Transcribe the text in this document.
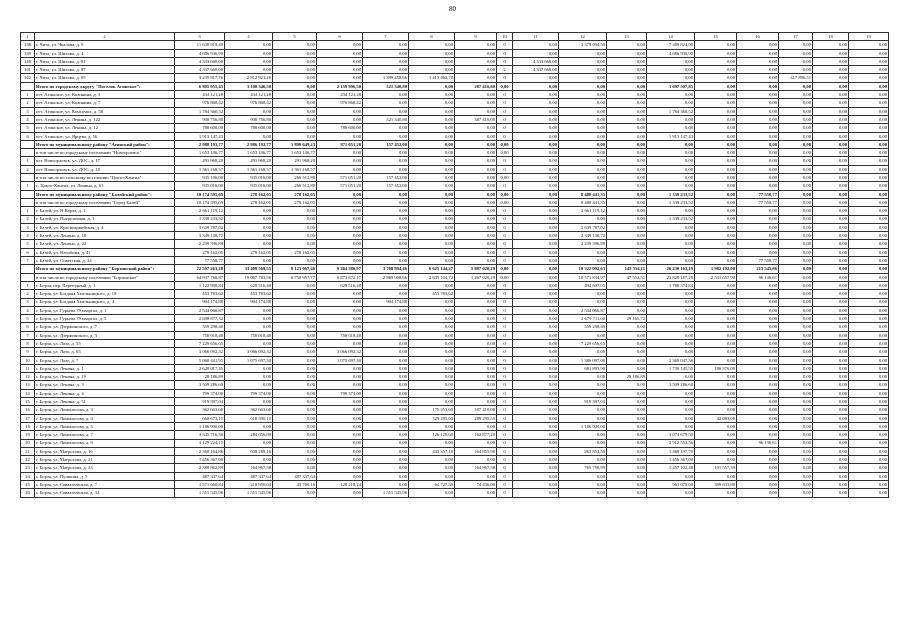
80
1	2	3	4	5	6	7	8	9	10	11	12	13	14	15	16	17	18	19
138	г. Чита, ул. Чкалова, д. 9	11 638 919,40	0,00	0,00	0,00	0,00	0,00	0,00	0	0,00	3 379 094,50	0,00	7 489 824,90	0,00	0,00	0,00	0,00	0,00
139	г. Чита, ул. Шилова, д. 4	4 686 936,90	0,00	0,00	0,00	0,00	0,00	0,00	0	0,00	0,00	0,00	4 686 936,90	0,00	0,00	0,00	0,00	0,00
140	г. Чита, ул. Шилова, д. 81	4 333 660,00	0,00	0,00	0,00	0,00	0,00	0,00	0	4 333 660,00	0,00	0,00	0,00	0,00	0,00	0,00	0,00	0,00
141	г. Чита, ул. Шилова, д. 87	4 337 660,00	0,00	0,00	0,00	0,00	0,00	0,00	2	4 337 660,00	0,00	0,00	0,00	0,00	0,00	0,00	0,00	0,00
142	г. Чита, ул. Шилова, д. 95	3 235 817,76	2 812 921,26	0,00	0,00	1 399 458,66	1 413 462,70	0,00	0	0,00	0,00	0,00	0,00	0,00	0,00	417 896,51	0,00	0,00
	Итого по городскому округу "Поселок Агинское":	6 805 955,45	3 108 346,50	0,00	2 159 996,50	521 340,80	0,00	287 416,60	0,00	0,00	0,00	0,00	3 697 507,85	0,00	0,00	0,00	0,00	0,00
1	пгт. Агинское, ул. Калинина, д. 3	434 121,28	434 121,28	0,00	434 121,28	0,00	0,00	0,00	0	0,00	0,00	0,00	0,00	0,00	0,00	0,00	0,00	0,00
2	пгт. Агинское, ул. Калинина, д. 7	976 868,42	976 868,42	0,00	976 868,42	0,00	0,00	0,00	0	0,00	0,00	0,00	0,00	0,00	0,00	0,00	0,00	0,00
3	пгт. Агинское, ул. Комсомол, д. 58	1 784 360,52	0,00	0,00	0,00	0,00	0,00	0,00	0	0,00	0,00	0,00	1 784 360,52	0,00	0,00	0,00	0,00	0,00
4	пгт. Агинское, ул. Ленина, д. 122	908 756,80	908 756,80	0,00	0,00	521 340,80	0,00	387 416,00	0	0,00	0,00	0,00	0,00	0,00	0,00	0,00	0,00	0,00
5	пгт. Агинское, ул. Ленина, д. 12	788 600,00	788 600,00	0,00	788 600,00	0,00	0,00	0,00	0	0,00	0,00	0,00	0,00	0,00	0,00	0,00	0,00	0,00
6	пгт. Агинское, ул. Ярцева, д. 56	1 913 147,43	0,00	0,00	0,00	0,00	0,00	0,00	0	0,00	0,00	0,00	1 913 147,43	0,00	0,00	0,00	0,00	0,00
	Итого по муниципальному району "Агинский район":	2 988 193,77	2 986 192,77	1 899 649,23	971 051,20	157 452,00	0,00	0,00	0,00	0,00	0,00	0,00	0,00	0,00	0,00	0,00	0,00	0,00
	в том числе по городскому поселению "Новоорловск"	1 653 136,77	1 653 136,77	1 653 136,77	0,00	0,00	0,00	0,00	0,00	0,00	0,00	0,00	0,00	0,00	0,00	0,00	0,00	0,00
1	пгт. Новоорловск, ул. ДОС, д. 17	291 968,20	291 968,20	291 968,20	0,00	0,00	0,00	0,00	0	0,00	0,00	0,00	0,00	0,00	0,00	0,00	0,00	0,00
2	пгт. Новоорловск, ул. ДОС, д. 18	1 361 168,57	1 361 168,57	1 361 168,57	0,00	0,00	0,00	0,00	0	0,00	0,00	0,00	0,00	0,00	0,00	0,00	0,00	0,00
	в том числе по сельскому поселению "Цокто-Хангил"	935 106,00	935 016,00	266 512,80	571 051,20	157 452,00	0,00	0,00	0,00	0,00	0,00	0,00	0,00	0,00	0,00	0,00	0,00	0,00
1	с. Цокто-Хангил, ул. Ленина, д. 61	935 016,00	935 016,00	266 512,80	571 051,20	157 452,00	0,00	0,00	0	0,00	0,00	0,00	0,00	0,00	0,00	0,00	0,00	0,00
	Итого по муниципальному району "Балейский район":	10 174 595,69	278 162,05	278 162,05	0,00	0,00	0,00	0,00	0,00	0,00	8 480 441,35	0,00	1 338 233,52	0,00	77 558,77	0,00	0,00	0,00
	в том числе по городскому поселению "Город Балей"	10 174 595,69	278 162,05	278 162,05	0,00	0,00	0,00	0,00	0,00	0,00	8 480 441,35	0,00	1 338 233,52	0,00	77 558,77	0,00	0,00	0,00
1	г. Балей, ул. Н.Карла, д. 1	2 661 119,12	0,00	0,00	0,00	0,00	0,00	0,00	0	0,00	2 661 119,12	0,00	0,00	0,00	0,00	0,00	0,00	0,00
2	г. Балей, ул. Погрузочная, д. 1	1 338 233,52	0,00	0,00	0,00	0,00	0,00	0,00	0	0,00	0,00	0,00	1 338 233,52	0,00	0,00	0,00	0,00	0,00
3	г. Балей, ул. Красноармейская, д. 4	3 639 787,02	0,00	0,00	0,00	0,00	0,00	0,00	0	0,00	3 639 787,02	0,00	0,00	0,00	0,00	0,00	0,00	0,00
4	г. Балей, ул. Ленина, д. 18	3 349 138,72	0,00	0,00	0,00	0,00	0,00	0,00	0	0,00	2 349 138,72	0,00	0,00	0,00	0,00	0,00	0,00	0,00
5	г. Балей, ул. Ленина, д. 22	2 239 396,89	0,00	0,00	0,00	0,00	0,00	0,00	0	0,00	2 239 396,89	0,00	0,00	0,00	0,00	0,00	0,00	0,00
6	г. Балей, ул. Нагибина, д. 41	278 162,05	278 162,05	278 162,05	0,00	0,00	0,00	0,00	0	0,00	0,00	0,00	0,00	0,00	0,00	0,00	0,00	0,00
7	г. Балей, ул. Советская, д. 34	77 558,77	0,00	0,00	0,00	0,00	0,00	0,00	0	0,00	0,00	0,00	0,00	0,00	77 558,77	0,00	0,00	0,00
	Итого по муниципальному району "Борзинский район":	72 597 263,28	33 409 569,55	8 123 067,46	9 264 386,97	3 708 994,46	6 625 144,27	5 887 020,29	0,00	0,00	10 322 092,63	145 554,11	26 230 163,19	1 982 192,90	215 545,86	0,00	0,00	0,00
	в том числе по городскому поселению "Борзинское"	64 937 768,87	19 067 783,56	6 750 957,77	6 873 672,17	2 869 908,66	2 635 104,72	1 267 020,29	0,00	0,00	10 571 834,97	47 552,51	23 828 187,29	2 531 657,90	96 136,61	0,00	0,00	0,00
1	г. Борзя, пер. Переездный, д. 1	1 122 998,84	629 516,40	0,00	629 516,40	0,00	0,00	0,00	0	0,00	494 607,95	0,00	1 788 374,84	0,00	0,00	0,00	0,00	0,00
2	г. Борзя, ул. Богдана Хмельницкого, д. 18	453 783,62	453 783,62	0,00	0,00	0,00	453 783,62	0,00	0	0,00	0,00	0,00	0,00	0,00	0,00	0,00	0,00	0,00
3	г. Борзя, ул. Богдана Хмельницкого, д. 4	904 174,88	904 174,88	0,00	0,00	904 174,88	0,00	0,00	0	0,00	0,00	0,00	0,00	0,00	0,00	0,00	0,00	0,00
4	г. Борзя, ул. Гурьева 79 квартал, д. 1	2 544 066,87	0,00	0,00	0,00	0,00	0,00	0,00	0	0,00	2 544 066,87	0,00	0,00	0,00	0,00	0,00	0,00	0,00
5	г. Борзя, ул. Гурьева 79 квартал, д. 5	2 698 877,32	0,00	0,00	0,00	0,00	0,00	0,00	0	0,00	2 679 711,60	29 165,72	0,00	0,00	0,00	0,00	0,00	0,00
6	г. Борзя, ул. Дзержинского, д. 7	559 298,40	0,00	0,00	0,00	0,00	0,00	0,00	0	0,00	559 298,40	0,00	0,00	0,00	0,00	0,00	0,00	0,00
7	г. Борзя, ул. Дзержинского, д. 3	758 018,40	758 018,40	0,00	758 018,40	0,00	0,00	0,00	0	0,00	0,00	0,00	0,00	0,00	0,00	0,00	0,00	0,00
8	г. Борзя, ул. Лазо, д. 55	7 229 656,65	0,00	0,00	0,00	0,00	0,00	0,00	0	0,00	7 229 656,65	0,00	0,00	0,00	0,00	0,00	0,00	0,00
9	г. Борзя, ул. Лазо, д. 63	3 066 092,32	3 066 092,32	0,00	3 066 092,32	0,00	0,00	0,00	0	0,00	0,00	0,00	0,00	0,00	0,00	0,00	0,00	0,00
10	г. Борзя, ул. Лазо, д. 7	5 068 441,95	1 075 697,30	0,00	1 075 697,30	0,00	0,00	0,00	0	0,00	1 386 097,00	0,00	2 360 047,36	0,00	0,00	0,00	0,00	0,00
11	г. Борзя, ул. Ленина, д. 1	2 628 017,45	0,00	0,00	0,00	0,00	0,00	0,00	0	0,00	681 895,90	0,00	1 739 145,55	186 376,00	0,00	0,00	0,00	0,00
12	г. Борзя, ул. Ленина, д. 19	28 186,89	0,00	0,00	0,00	0,00	0,00	0,00	0	0,00	0,00	28 186,89	0,00	0,00	0,00	0,00	0,00	0,00
13	г. Борзя, ул. Ленина, д. 3	3 509 286,60	0,00	0,00	0,00	0,00	0,00	0,00	0	0,00	0,00	0,00	3 509 286,60	0,00	0,00	0,00	0,00	0,00
14	г. Борзя, ул. Ленина, д. 4	799 374,00	799 374,00	0,00	799 374,00	0,00	0,00	0,00	0	0,00	0,00	0,00	0,00	0,00	0,00	0,00	0,00	0,00
15	г. Борзя, ул. Ленина, д. 51	919 397,04	0,00	0,00	0,00	0,00	0,00	0,00	0	0,00	919 397,04	0,00	0,00	0,00	0,00	0,00	0,00	0,00
16	г. Борзя, ул. Ломоносова, д. 3	362 663,60	362 663,60	0,00	0,00	0,00	175 253,60	187 410,00	0	0,00	0,00	0,00	0,00	0,00	0,00	0,00	0,00	0,00
17	г. Борзя, ул. Ломоносова, д. 4	660 673,15	618 590,15	0,00	0,00	0,00	329 295,60	289 295,55	0	0,00	0,00	0,00	0,00	42 083,00	0,00	0,00	0,00	0,00
18	г. Борзя, ул. Ломоносова, д. 5	1 186 900,00	0,00	0,00	0,00	0,00	0,00	0,00	0	0,00	1 186 900,00	0,00	0,00	0,00	0,00	0,00	0,00	0,00
19	г. Борзя, ул. Ломоносова, д. 7	3 345 716,36	284 056,80	0,00	0,00	0,00	126 129,60	162 877,20	0	0,00	0,00	0,00	3 074 679,50	0,00	0,00	0,00	0,00	0,00
20	г. Борзя, ул. Ломоносова, д. 9	3 129 224,15	0,00	0,00	0,00	0,00	0,00	0,00	0	0,00	0,00	0,00	2 912 552,56	0,00	96 136,61	0,00	0,00	0,00
21	г. Борзя, ул. Матросова, д. 16	2 360 164,86	608 289,16	0,00	0,00	0,00	443 357,10	164 855,96	0	0,00	263 853,50	0,00	1 468 197,70	0,00	0,00	0,00	0,00	0,00
22	г. Борзя, ул. Матросова, д. 21	1 456 367,00	0,00	0,00	0,00	0,00	0,00	0,00	0	0,00	0,00	0,00	1 456 367,00	0,00	0,00	0,00	0,00	0,00
23	г. Борзя, ул. Матросова, д. 23	2 380 862,89	164 867,38	0,00	0,00	0,00	0,00	164 867,38	0	0,00	765 758,99	0,00	1 457 102,40	191 557,39	0,00	0,00	0,00	0,00
24	г. Борзя, ул. Пушкина, д. 5	487 337,64	487 337,64	487 337,64	0,00	0,00	0,00	0,00	0	0,00	0,00	0,00	0,00	0,00	0,00	0,00	0,00	0,00
25	г. Борзя, ул. Савватеевская, д. 7	1 571 660,84	210 950,04	43 769,16	128 218,24	0,00	64 727,30	74 436,00	0	0,00	0,00	0,00	961 079,00	399 631,80	0,00	0,00	0,00	0,00
26	г. Борзя, ул. Савватеевская, д. 32	1 551 545,96	1 551 545,96	0,00	0,00	1 551 545,96	0,00	0,00	0	0,00	0,00	0,00	0,00	0,00	0,00	0,00	0,00	0,00
